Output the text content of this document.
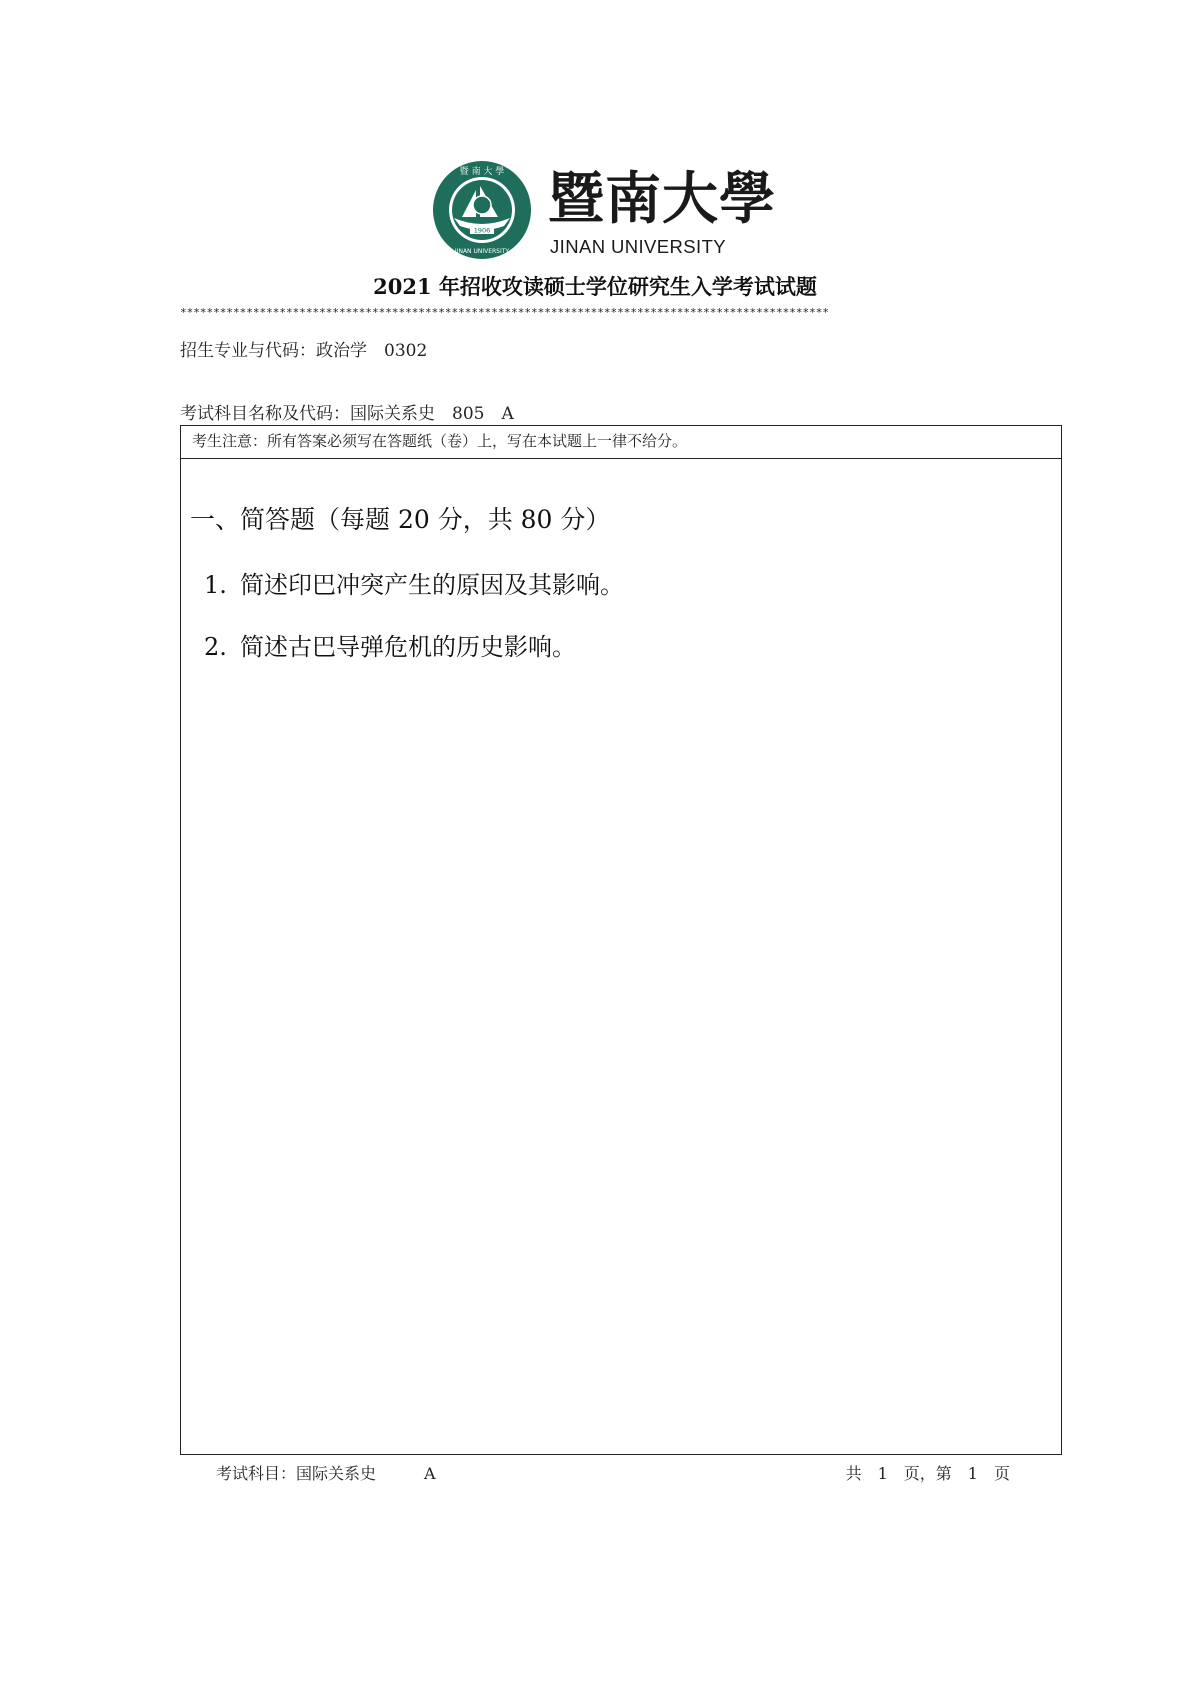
1906
暨 南 大 學
JINAN UNIVERSITY
暨南大學
JINAN UNIVERSITY
2021 年招收攻读硕士学位研究生入学考试试题
**************************************************************************************************
招生专业与代码：政治学　0302
考试科目名称及代码：国际关系史　805　A
考生注意：所有答案必须写在答题纸（卷）上，写在本试题上一律不给分。
一、简答题（每题 20 分，共 80 分）
1. 简述印巴冲突产生的原因及其影响。
2. 简述古巴导弹危机的历史影响。
考试科目：国际关系史　　　A	共　1　页，第　1　页
